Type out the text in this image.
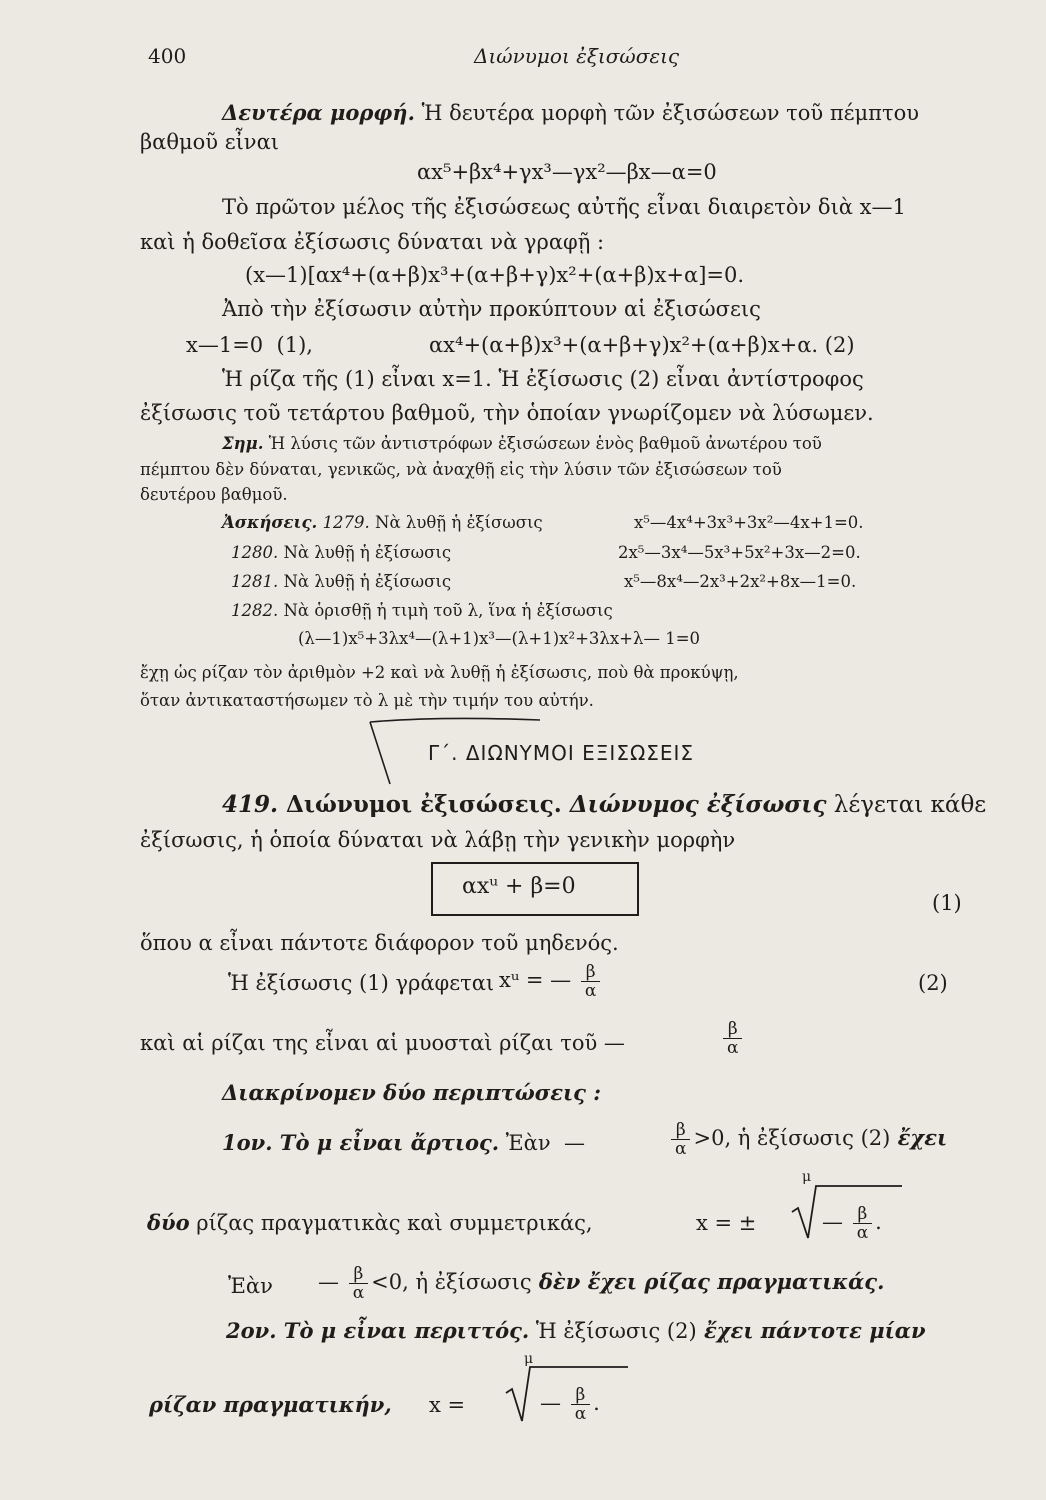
400	Διώνυμοι ἐξισώσεις
Δευτέρα μορφή. Ἡ δευτέρα μορφὴ τῶν ἐξισώσεων τοῦ πέμπτου
βαθμοῦ εἶναι
αx⁵+βx⁴+γx³—γx²—βx—α=0
Τὸ πρῶτον μέλος τῆς ἐξισώσεως αὐτῆς εἶναι διαιρετὸν διὰ x—1
καὶ ἡ δοθεῖσα ἐξίσωσις δύναται νὰ γραφῇ :
(x—1)[αx⁴+(α+β)x³+(α+β+γ)x²+(α+β)x+α]=0.
Ἀπὸ τὴν ἐξίσωσιν αὐτὴν προκύπτουν αἱ ἐξισώσεις
x—1=0  (1),	αx⁴+(α+β)x³+(α+β+γ)x²+(α+β)x+α. (2)
Ἡ ρίζα τῆς (1) εἶναι x=1. Ἡ ἐξίσωσις (2) εἶναι ἀντίστροφος
ἐξίσωσις τοῦ τετάρτου βαθμοῦ, τὴν ὁποίαν γνωρίζομεν νὰ λύσωμεν.
Σημ. Ἡ λύσις τῶν ἀντιστρόφων ἐξισώσεων ἑνὸς βαθμοῦ ἀνωτέρου τοῦ
πέμπτου δὲν δύναται, γενικῶς, νὰ ἀναχθῇ εἰς τὴν λύσιν τῶν ἐξισώσεων τοῦ
δευτέρου βαθμοῦ.
Ἀσκήσεις. 1279. Νὰ λυθῇ ἡ ἐξίσωσις	x⁵—4x⁴+3x³+3x²—4x+1=0.
1280. Νὰ λυθῇ ἡ ἐξίσωσις	2x⁵—3x⁴—5x³+5x²+3x—2=0.
1281. Νὰ λυθῇ ἡ ἐξίσωσις	x⁵—8x⁴—2x³+2x²+8x—1=0.
1282. Νὰ ὁρισθῇ ἡ τιμὴ τοῦ λ, ἵνα ἡ ἐξίσωσις
(λ—1)x⁵+3λx⁴—(λ+1)x³—(λ+1)x²+3λx+λ— 1=0
ἔχῃ ὡς ρίζαν τὸν ἀριθμὸν +2 καὶ νὰ λυθῇ ἡ ἐξίσωσις, ποὺ θὰ προκύψῃ,
ὅταν ἀντικαταστήσωμεν τὸ λ μὲ τὴν τιμήν του αὐτήν.
Γ΄. ΔΙΩΝΥΜΟΙ ΕΞΙΣΩΣΕΙΣ
419. Διώνυμοι ἐξισώσεις. Διώνυμος ἐξίσωσις λέγεται κάθε
ἐξίσωσις, ἡ ὁποία δύναται νὰ λάβῃ τὴν γενικὴν μορφὴν
αxᵘ + β=0
(1)
ὅπου α εἶναι πάντοτε διάφορον τοῦ μηδενός.
Ἡ ἐξίσωσις (1) γράφεται xᵘ = — $\frac{\beta}{\alpha}$	(2)
καὶ αἱ ρίζαι της εἶναι αἱ μυοσταὶ ρίζαι τοῦ —	$\frac{\beta}{\alpha}$
Διακρίνομεν δύο περιπτώσεις :
1ον. Τὸ μ εἶναι ἄρτιος. Ἐὰν  —	$\frac{\beta}{\alpha} >0$, ἡ ἐξίσωσις (2) ἔχει
δύο ρίζας πραγματικὰς καὶ συμμετρικάς,	x = ±
μ
— $\frac{\beta}{\alpha}$ .
Ἐὰν — $\frac{\beta}{\alpha} <0$, ἡ ἐξίσωσις δὲν ἔχει ρίζας πραγματικάς.
2ον. Τὸ μ εἶναι περιττός. Ἡ ἐξίσωσις (2) ἔχει πάντοτε μίαν
ρίζαν πραγματικήν, x =
μ
— $\frac{\beta}{\alpha}$ .
